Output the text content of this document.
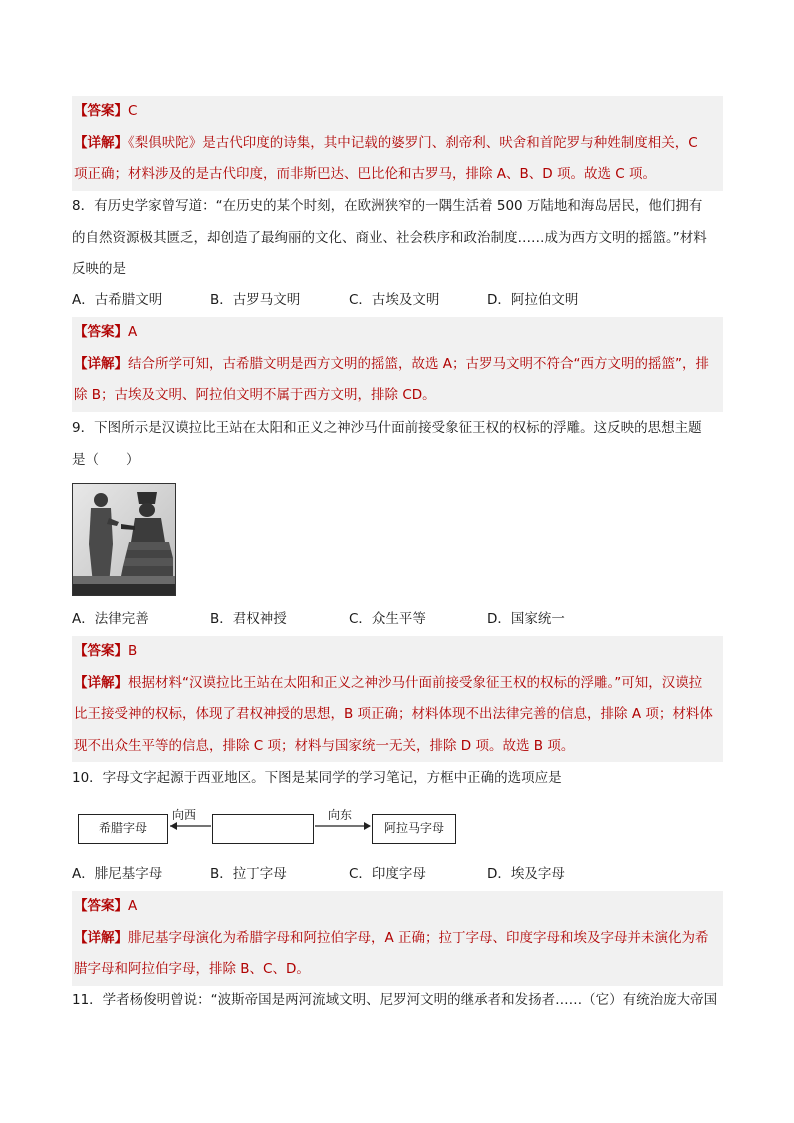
【答案】C
【详解】《梨俱吠陀》是古代印度的诗集，其中记载的婆罗门、刹帝利、吠舍和首陀罗与种姓制度相关，C
项正确；材料涉及的是古代印度，而非斯巴达、巴比伦和古罗马，排除 A、B、D 项。故选 C 项。
8．有历史学家曾写道：“在历史的某个时刻，在欧洲狭窄的一隅生活着 500 万陆地和海岛居民，他们拥有
的自然资源极其匮乏，却创造了最绚丽的文化、商业、社会秩序和政治制度……成为西方文明的摇篮。”材料
反映的是
A．古希腊文明	B．古罗马文明	C．古埃及文明	D．阿拉伯文明
【答案】A
【详解】结合所学可知，古希腊文明是西方文明的摇篮，故选 A；古罗马文明不符合“西方文明的摇篮”，排
除 B；古埃及文明、阿拉伯文明不属于西方文明，排除 CD。
9．下图所示是汉谟拉比王站在太阳和正义之神沙马什面前接受象征王权的权标的浮雕。这反映的思想主题
是（　　）
A．法律完善	B．君权神授	C．众生平等	D．国家统一
【答案】B
【详解】根据材料“汉谟拉比王站在太阳和正义之神沙马什面前接受象征王权的权标的浮雕。”可知，汉谟拉
比王接受神的权标，体现了君权神授的思想，B 项正确；材料体现不出法律完善的信息，排除 A 项；材料体
现不出众生平等的信息，排除 C 项；材料与国家统一无关，排除 D 项。故选 B 项。
10．字母文字起源于西亚地区。下图是某同学的学习笔记，方框中正确的选项应是
希腊字母
向西	向东
阿拉马字母
A．腓尼基字母	B．拉丁字母	C．印度字母	D．埃及字母
【答案】A
【详解】腓尼基字母演化为希腊字母和阿拉伯字母，A 正确；拉丁字母、印度字母和埃及字母并未演化为希
腊字母和阿拉伯字母，排除 B、C、D。
11．学者杨俊明曾说：“波斯帝国是两河流域文明、尼罗河文明的继承者和发扬者……（它）有统治庞大帝国
